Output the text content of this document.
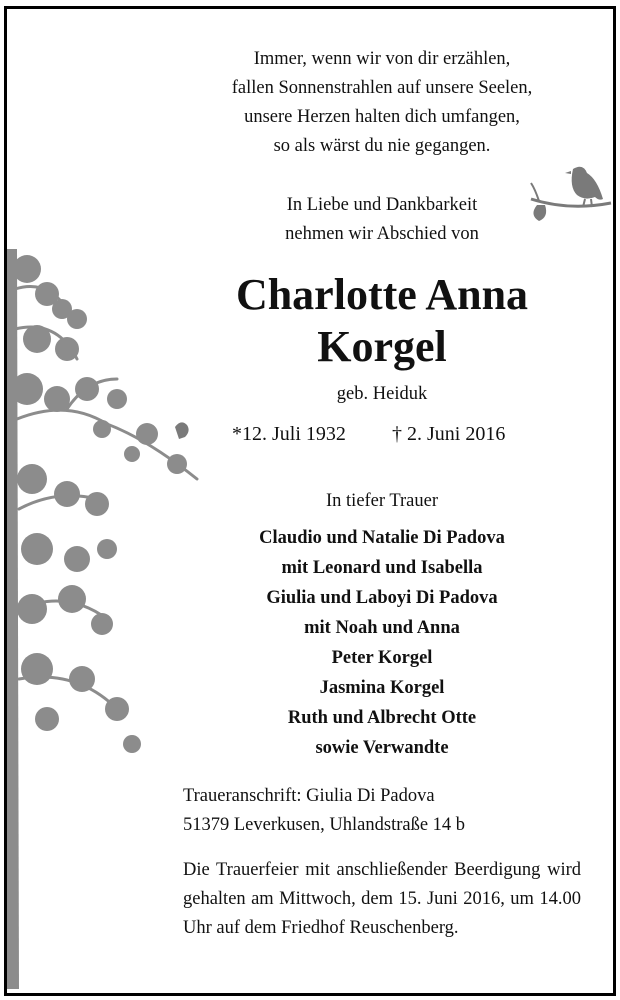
Immer, wenn wir von dir erzählen,
fallen Sonnenstrahlen auf unsere Seelen,
unsere Herzen halten dich umfangen,
so als wärst du nie gegangen.
In Liebe und Dankbarkeit
nehmen wir Abschied von
Charlotte Anna
Korgel
geb. Heiduk
*12. Juli 1932 † 2. Juni 2016
In tiefer Trauer
Claudio und Natalie Di Padova
mit Leonard und Isabella
Giulia und Laboyi Di Padova
mit Noah und Anna
Peter Korgel
Jasmina Korgel
Ruth und Albrecht Otte
sowie Verwandte
Traueranschrift: Giulia Di Padova
51379 Leverkusen, Uhlandstraße 14 b
Die Trauerfeier mit anschließender Beerdigung wird gehalten am Mittwoch, dem 15. Juni 2016, um 14.00 Uhr auf dem Friedhof Reuschenberg.
